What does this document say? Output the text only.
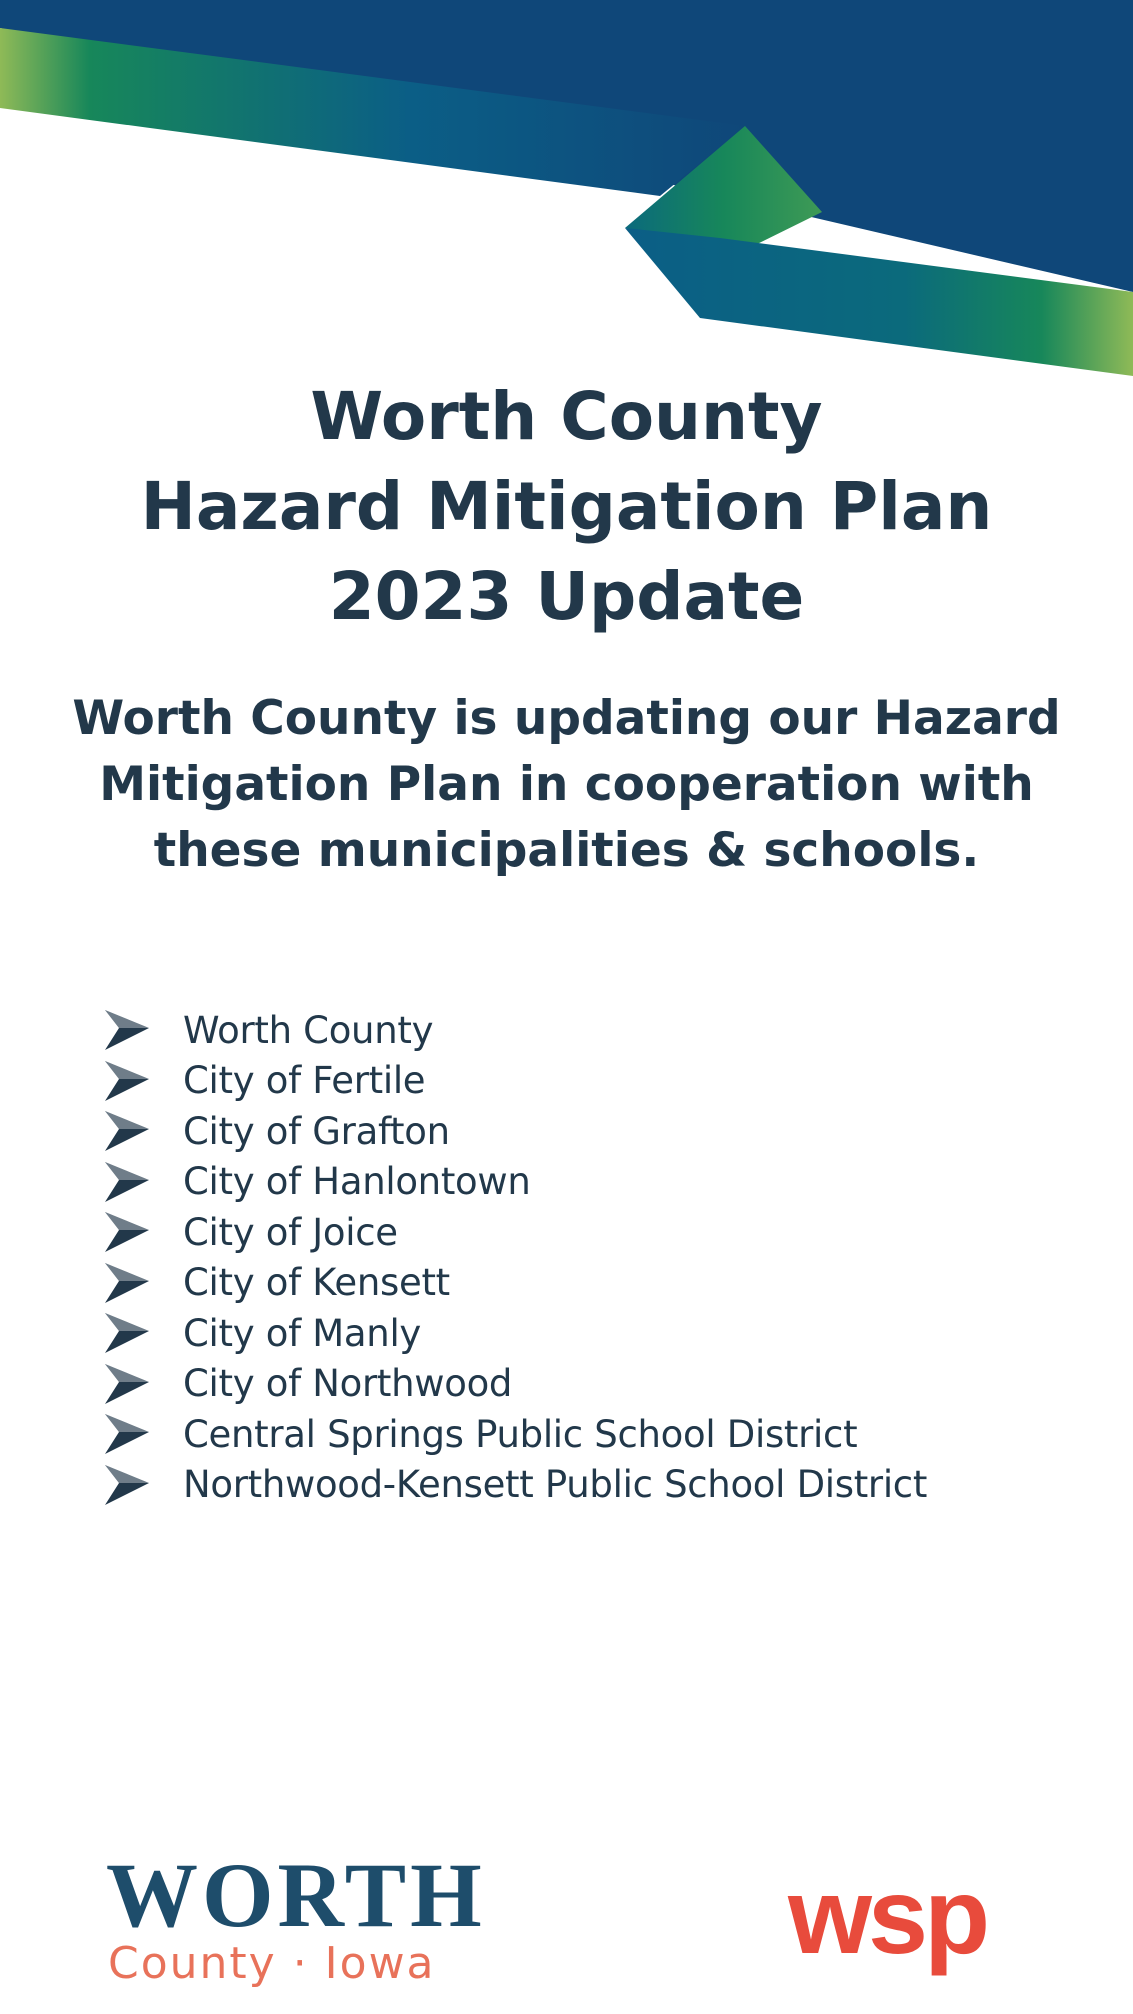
Worth County
Hazard Mitigation Plan
2023 Update

Worth County is updating our Hazard
Mitigation Plan in cooperation with
these municipalities & schools.

Worth County
City of Fertile
City of Grafton
City of Hanlontown
City of Joice
City of Kensett
City of Manly
City of Northwood
Central Springs Public School District
Northwood-Kensett Public School District
WORTH
County · Iowa	wsp
